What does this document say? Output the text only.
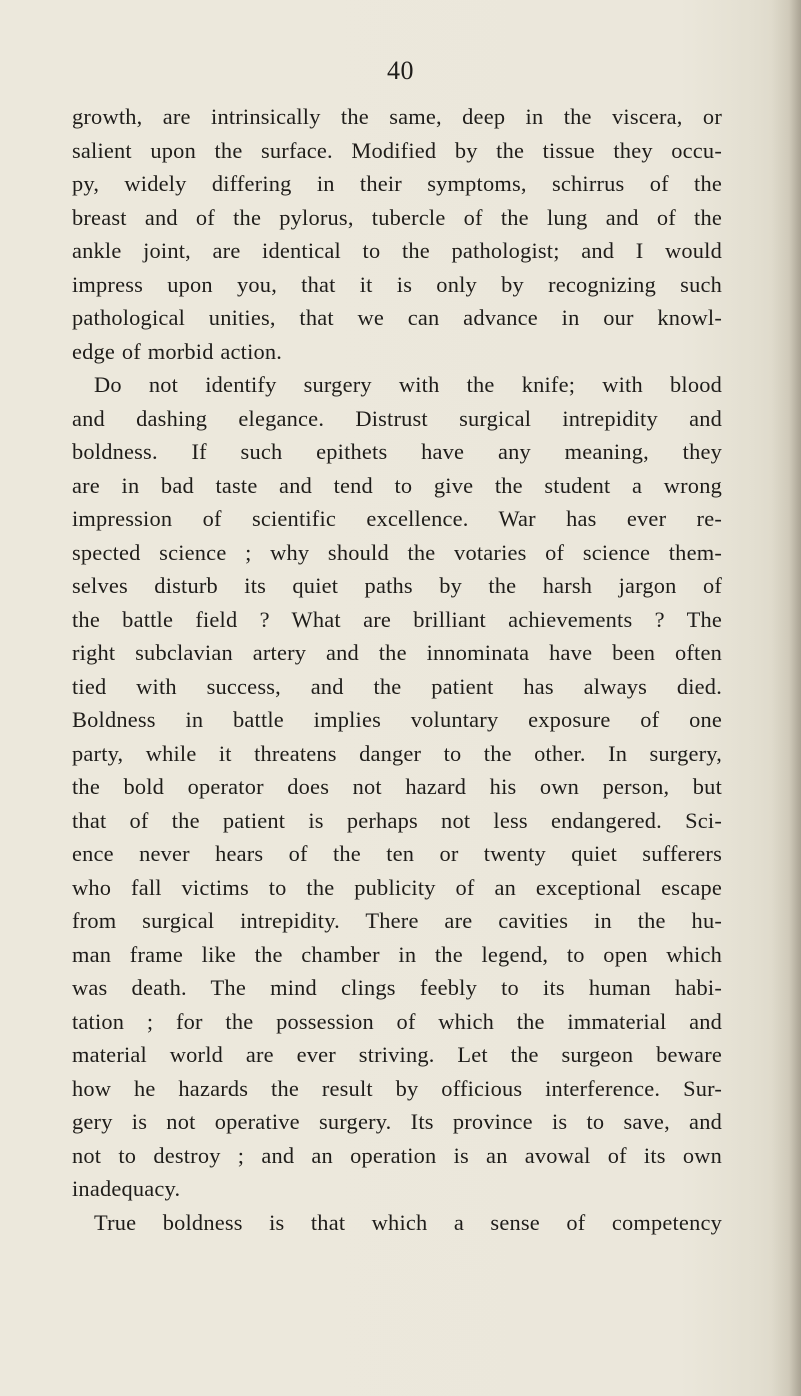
40
growth, are intrinsically the same, deep in the viscera, or
salient upon the surface. Modified by the tissue they occu-
py, widely differing in their symptoms, schirrus of the
breast and of the pylorus, tubercle of the lung and of the
ankle joint, are identical to the pathologist; and I would
impress upon you, that it is only by recognizing such
pathological unities, that we can advance in our knowl-
edge of morbid action.
Do not identify surgery with the knife; with blood
and dashing elegance. Distrust surgical intrepidity and
boldness. If such epithets have any meaning, they
are in bad taste and tend to give the student a wrong
impression of scientific excellence. War has ever re-
spected science ; why should the votaries of science them-
selves disturb its quiet paths by the harsh jargon of
the battle field ? What are brilliant achievements ? The
right subclavian artery and the innominata have been often
tied with success, and the patient has always died.
Boldness in battle implies voluntary exposure of one
party, while it threatens danger to the other. In surgery,
the bold operator does not hazard his own person, but
that of the patient is perhaps not less endangered. Sci-
ence never hears of the ten or twenty quiet sufferers
who fall victims to the publicity of an exceptional escape
from surgical intrepidity. There are cavities in the hu-
man frame like the chamber in the legend, to open which
was death. The mind clings feebly to its human habi-
tation ; for the possession of which the immaterial and
material world are ever striving. Let the surgeon beware
how he hazards the result by officious interference. Sur-
gery is not operative surgery. Its province is to save, and
not to destroy ; and an operation is an avowal of its own
inadequacy.
True boldness is that which a sense of competency
